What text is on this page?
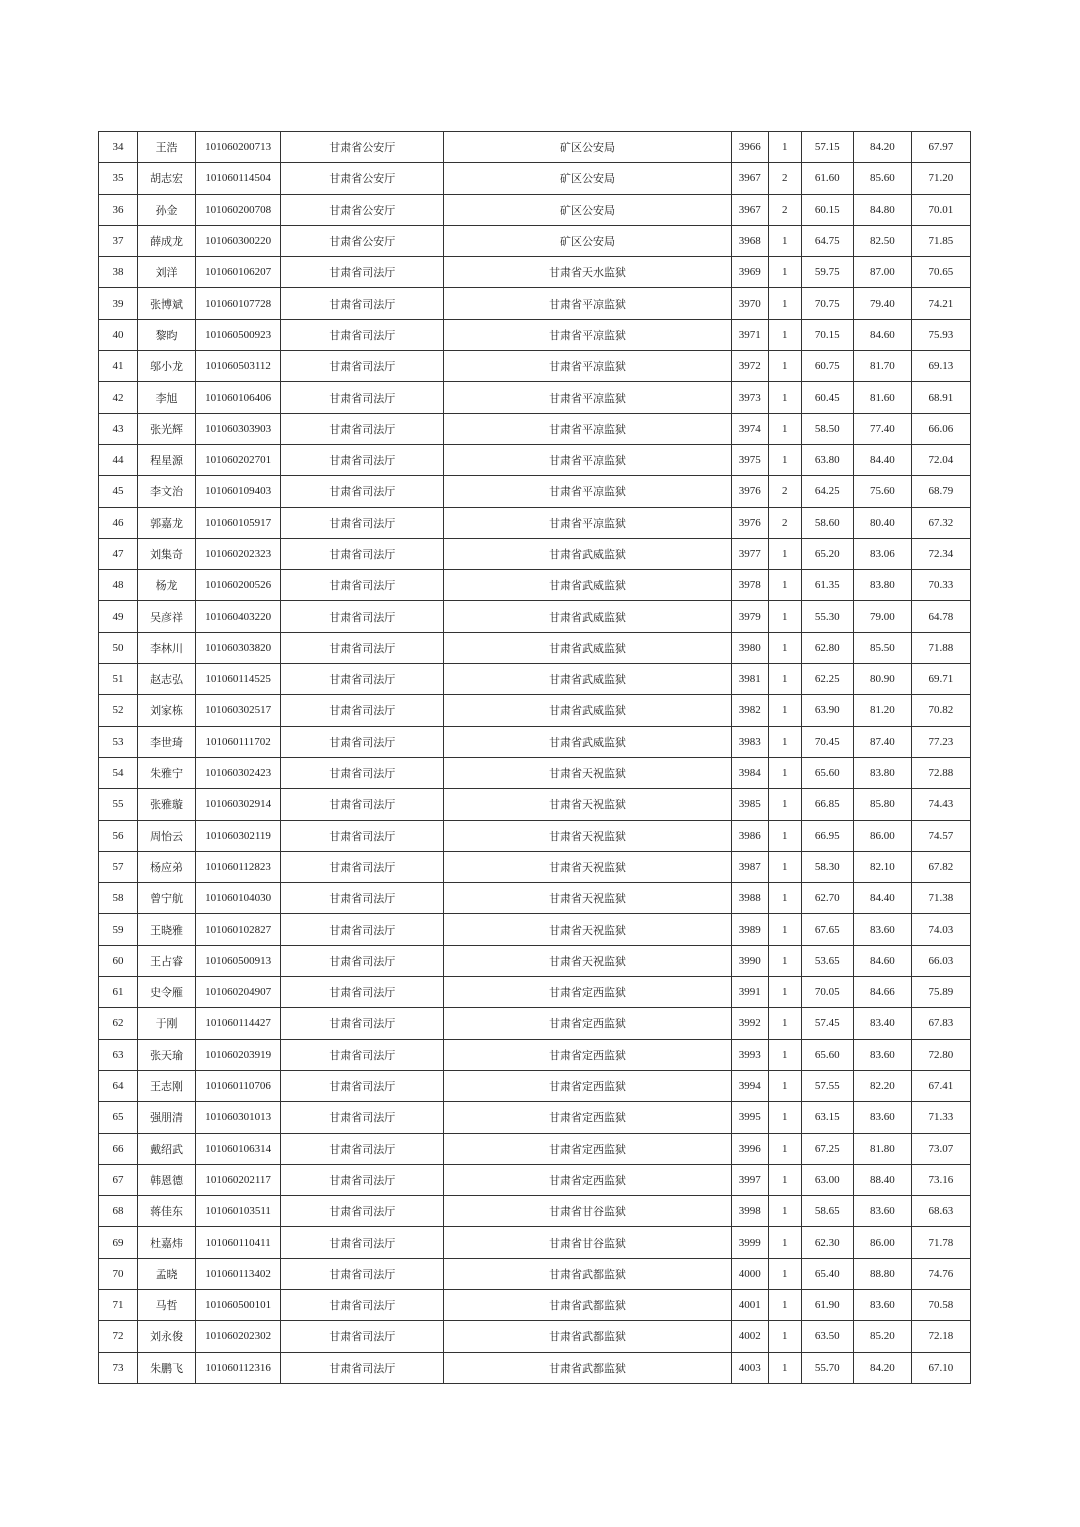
34	王浩	101060200713	甘肃省公安厅	矿区公安局	3966	1	57.15	84.20	67.97
35	胡志宏	101060114504	甘肃省公安厅	矿区公安局	3967	2	61.60	85.60	71.20
36	孙金	101060200708	甘肃省公安厅	矿区公安局	3967	2	60.15	84.80	70.01
37	薛成龙	101060300220	甘肃省公安厅	矿区公安局	3968	1	64.75	82.50	71.85
38	刘洋	101060106207	甘肃省司法厅	甘肃省天水监狱	3969	1	59.75	87.00	70.65
39	张博斌	101060107728	甘肃省司法厅	甘肃省平凉监狱	3970	1	70.75	79.40	74.21
40	黎昀	101060500923	甘肃省司法厅	甘肃省平凉监狱	3971	1	70.15	84.60	75.93
41	邬小龙	101060503112	甘肃省司法厅	甘肃省平凉监狱	3972	1	60.75	81.70	69.13
42	李旭	101060106406	甘肃省司法厅	甘肃省平凉监狱	3973	1	60.45	81.60	68.91
43	张光辉	101060303903	甘肃省司法厅	甘肃省平凉监狱	3974	1	58.50	77.40	66.06
44	程星源	101060202701	甘肃省司法厅	甘肃省平凉监狱	3975	1	63.80	84.40	72.04
45	李文治	101060109403	甘肃省司法厅	甘肃省平凉监狱	3976	2	64.25	75.60	68.79
46	郭嘉龙	101060105917	甘肃省司法厅	甘肃省平凉监狱	3976	2	58.60	80.40	67.32
47	刘集奇	101060202323	甘肃省司法厅	甘肃省武威监狱	3977	1	65.20	83.06	72.34
48	杨龙	101060200526	甘肃省司法厅	甘肃省武威监狱	3978	1	61.35	83.80	70.33
49	吴彦祥	101060403220	甘肃省司法厅	甘肃省武威监狱	3979	1	55.30	79.00	64.78
50	李林川	101060303820	甘肃省司法厅	甘肃省武威监狱	3980	1	62.80	85.50	71.88
51	赵志弘	101060114525	甘肃省司法厅	甘肃省武威监狱	3981	1	62.25	80.90	69.71
52	刘家栋	101060302517	甘肃省司法厅	甘肃省武威监狱	3982	1	63.90	81.20	70.82
53	李世琦	101060111702	甘肃省司法厅	甘肃省武威监狱	3983	1	70.45	87.40	77.23
54	朱雅宁	101060302423	甘肃省司法厅	甘肃省天祝监狱	3984	1	65.60	83.80	72.88
55	张雅璇	101060302914	甘肃省司法厅	甘肃省天祝监狱	3985	1	66.85	85.80	74.43
56	周怡云	101060302119	甘肃省司法厅	甘肃省天祝监狱	3986	1	66.95	86.00	74.57
57	杨应弟	101060112823	甘肃省司法厅	甘肃省天祝监狱	3987	1	58.30	82.10	67.82
58	曾宁航	101060104030	甘肃省司法厅	甘肃省天祝监狱	3988	1	62.70	84.40	71.38
59	王晓雅	101060102827	甘肃省司法厅	甘肃省天祝监狱	3989	1	67.65	83.60	74.03
60	王占睿	101060500913	甘肃省司法厅	甘肃省天祝监狱	3990	1	53.65	84.60	66.03
61	史令雁	101060204907	甘肃省司法厅	甘肃省定西监狱	3991	1	70.05	84.66	75.89
62	于刚	101060114427	甘肃省司法厅	甘肃省定西监狱	3992	1	57.45	83.40	67.83
63	张天瑜	101060203919	甘肃省司法厅	甘肃省定西监狱	3993	1	65.60	83.60	72.80
64	王志刚	101060110706	甘肃省司法厅	甘肃省定西监狱	3994	1	57.55	82.20	67.41
65	强朋清	101060301013	甘肃省司法厅	甘肃省定西监狱	3995	1	63.15	83.60	71.33
66	戴绍武	101060106314	甘肃省司法厅	甘肃省定西监狱	3996	1	67.25	81.80	73.07
67	韩恩德	101060202117	甘肃省司法厅	甘肃省定西监狱	3997	1	63.00	88.40	73.16
68	蒋佳东	101060103511	甘肃省司法厅	甘肃省甘谷监狱	3998	1	58.65	83.60	68.63
69	杜嘉炜	101060110411	甘肃省司法厅	甘肃省甘谷监狱	3999	1	62.30	86.00	71.78
70	孟晓	101060113402	甘肃省司法厅	甘肃省武都监狱	4000	1	65.40	88.80	74.76
71	马哲	101060500101	甘肃省司法厅	甘肃省武都监狱	4001	1	61.90	83.60	70.58
72	刘永俊	101060202302	甘肃省司法厅	甘肃省武都监狱	4002	1	63.50	85.20	72.18
73	朱鹏飞	101060112316	甘肃省司法厅	甘肃省武都监狱	4003	1	55.70	84.20	67.10
